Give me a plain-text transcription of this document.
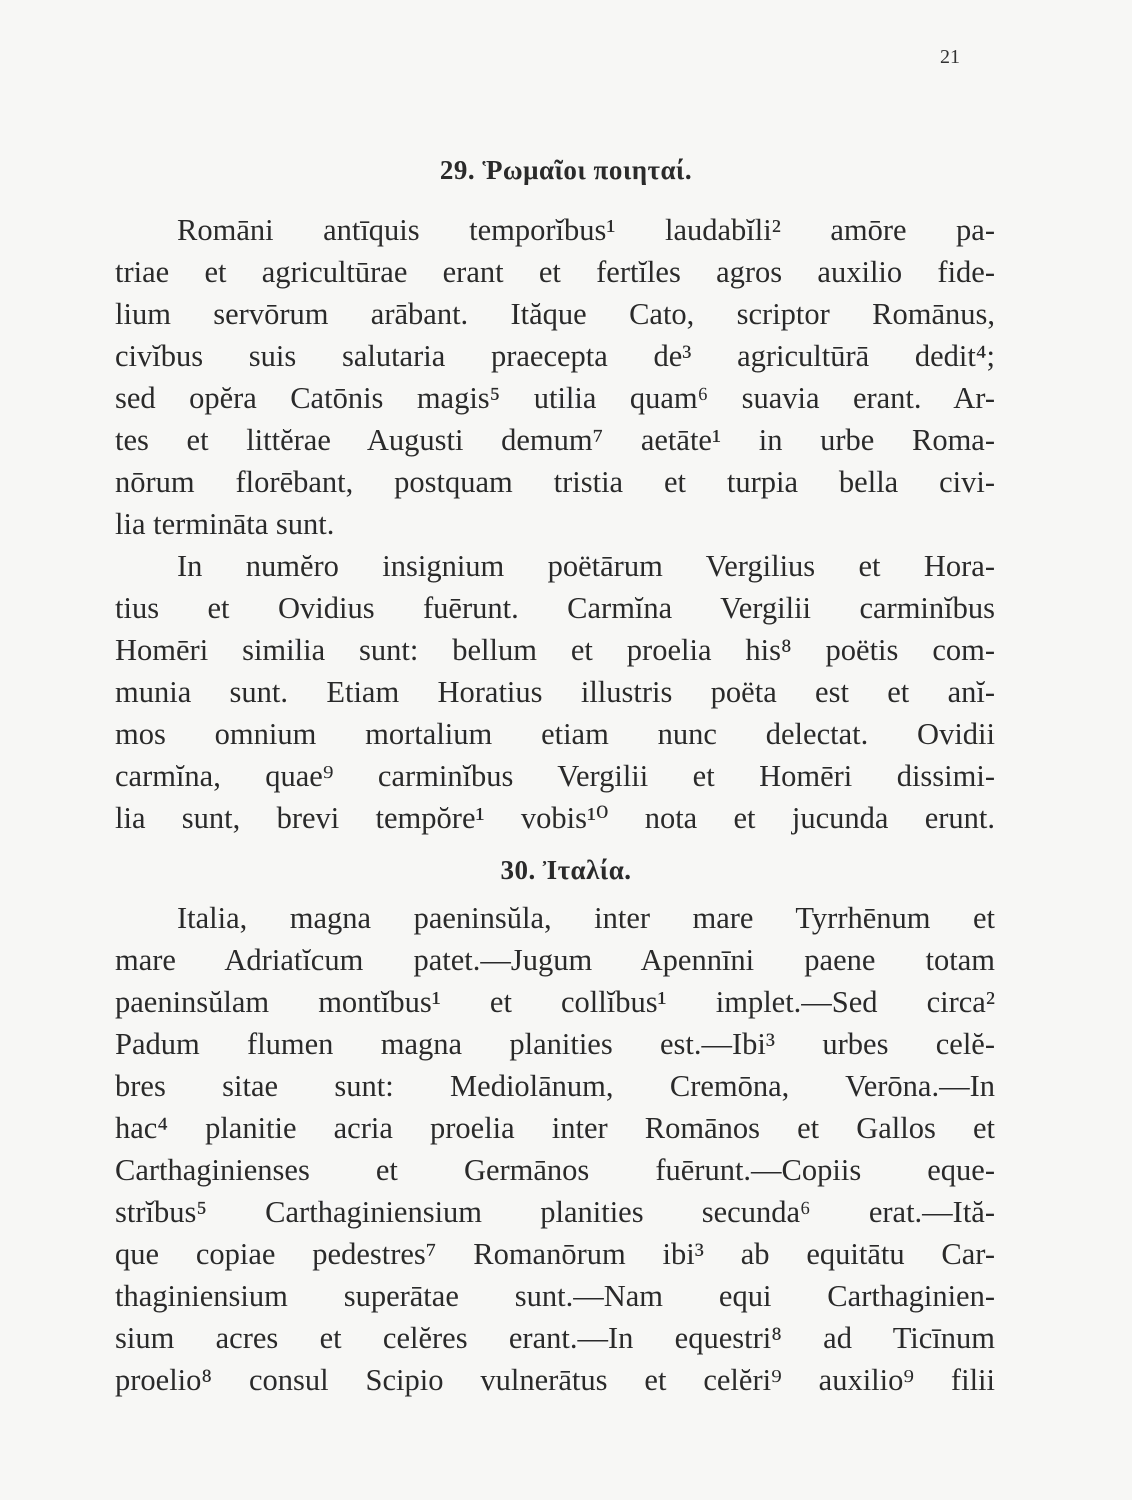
21
29. Ῥωμαῖοι ποιηταί.
Romāni antīquis temporĭbus¹ laudabĭli² amōre pa-
triae et agricultūrae erant et fertĭles agros auxilio fide-
lium servōrum arābant. Ităque Cato, scriptor Romānus,
civĭbus suis salutaria praecepta de³ agricultūrā dedit⁴;
sed opĕra Catōnis magis⁵ utilia quam⁶ suavia erant. Ar-
tes et littĕrae Augusti demum⁷ aetāte¹ in urbe Roma-
nōrum florēbant, postquam tristia et turpia bella civi-
lia termināta sunt.
In numĕro insignium poëtārum Vergilius et Hora-
tius et Ovidius fuērunt. Carmĭna Vergilii carminĭbus
Homēri similia sunt: bellum et proelia his⁸ poëtis com-
munia sunt. Etiam Horatius illustris poëta est et anĭ-
mos omnium mortalium etiam nunc delectat. Ovidii
carmĭna, quae⁹ carminĭbus Vergilii et Homēri dissimi-
lia sunt, brevi tempŏre¹ vobis¹⁰ nota et jucunda erunt.
30. Ἰταλία.
Italia, magna paeninsŭla, inter mare Tyrrhēnum et
mare Adriatĭcum patet.—Jugum Apennīni paene totam
paeninsŭlam montĭbus¹ et collĭbus¹ implet.—Sed circa²
Padum flumen magna planities est.—Ibi³ urbes celĕ-
bres sitae sunt: Mediolānum, Cremōna, Verōna.—In
hac⁴ planitie acria proelia inter Romānos et Gallos et
Carthaginienses et Germānos fuērunt.—Copiis eque-
strĭbus⁵ Carthaginiensium planities secunda⁶ erat.—Ită-
que copiae pedestres⁷ Romanōrum ibi³ ab equitātu Car-
thaginiensium superātae sunt.—Nam equi Carthaginien-
sium acres et celĕres erant.—In equestri⁸ ad Ticīnum
proelio⁸ consul Scipio vulnerātus et celĕri⁹ auxilio⁹ filii
